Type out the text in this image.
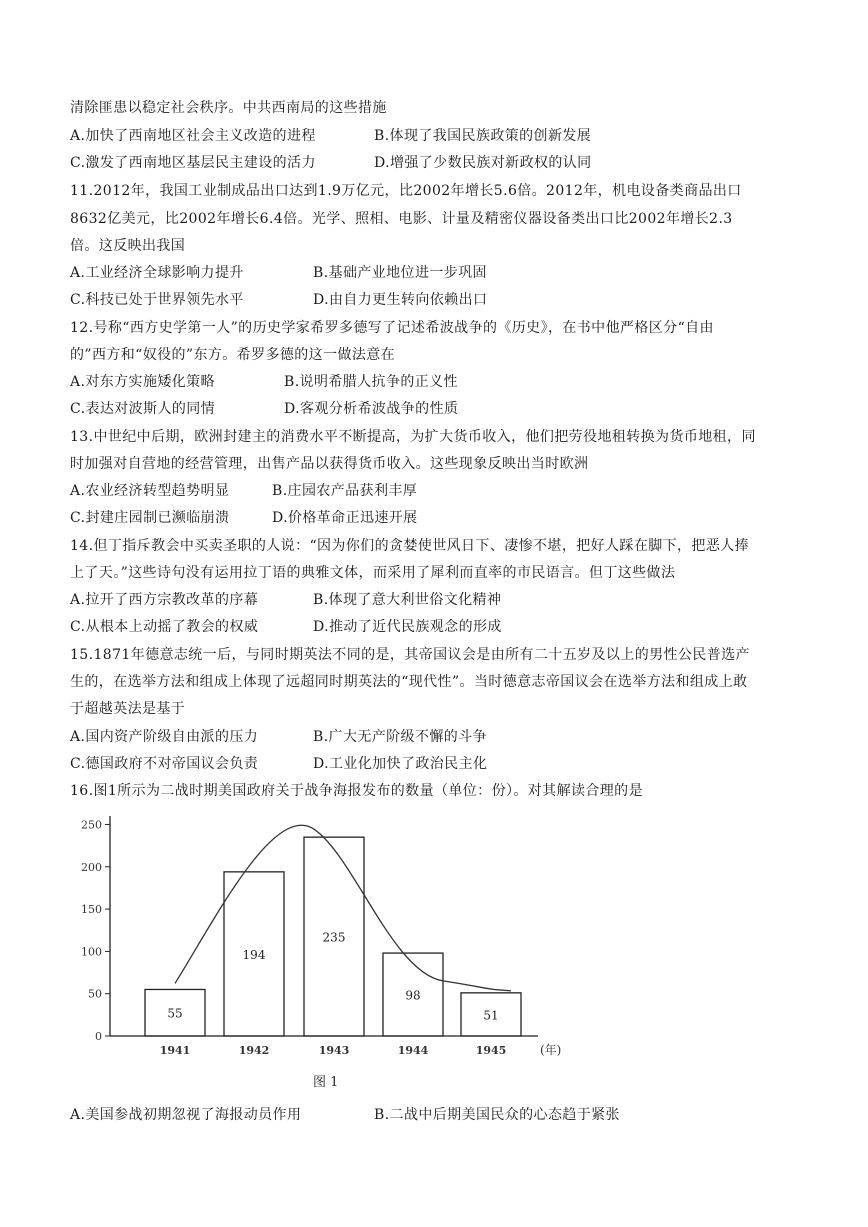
清除匪患以稳定社会秩序。中共西南局的这些措施
A.加快了西南地区社会主义改造的进程	B.体现了我国民族政策的创新发展
C.激发了西南地区基层民主建设的活力	D.增强了少数民族对新政权的认同
11.2012年，我国工业制成品出口达到1.9万亿元，比2002年增长5.6倍。2012年，机电设备类商品出口
8632亿美元，比2002年增长6.4倍。光学、照相、电影、计量及精密仪器设备类出口比2002年增长2.3
倍。这反映出我国
A.工业经济全球影响力提升	B.基础产业地位进一步巩固
C.科技已处于世界领先水平	D.由自力更生转向依赖出口
12.号称“西方史学第一人”的历史学家希罗多德写了记述希波战争的《历史》，在书中他严格区分“自由
的”西方和“奴役的”东方。希罗多德的这一做法意在
A.对东方实施矮化策略	B.说明希腊人抗争的正义性
C.表达对波斯人的同情	D.客观分析希波战争的性质
13.中世纪中后期，欧洲封建主的消费水平不断提高，为扩大货币收入，他们把劳役地租转换为货币地租，同
时加强对自营地的经营管理，出售产品以获得货币收入。这些现象反映出当时欧洲
A.农业经济转型趋势明显	B.庄园农产品获利丰厚
C.封建庄园制已濒临崩溃	D.价格革命正迅速开展
14.但丁指斥教会中买卖圣职的人说：“因为你们的贪婪使世风日下、凄惨不堪，把好人踩在脚下，把恶人捧
上了天。”这些诗句没有运用拉丁语的典雅文体，而采用了犀利而直率的市民语言。但丁这些做法
A.拉开了西方宗教改革的序幕	B.体现了意大利世俗文化精神
C.从根本上动摇了教会的权威	D.推动了近代民族观念的形成
15.1871年德意志统一后，与同时期英法不同的是，其帝国议会是由所有二十五岁及以上的男性公民普选产
生的，在选举方法和组成上体现了远超同时期英法的“现代性”。当时德意志帝国议会在选举方法和组成上敢
于超越英法是基于
A.国内资产阶级自由派的压力	B.广大无产阶级不懈的斗争
C.德国政府不对帝国议会负责	D.工业化加快了政治民主化
16.图1所示为二战时期美国政府关于战争海报发布的数量（单位：份）。对其解读合理的是
0
50
100
150
200
250
55
194
235
98
51
1941	1942	1943	1944	1945	(年)
图 1
A.美国参战初期忽视了海报动员作用	B.二战中后期美国民众的心态趋于紧张
